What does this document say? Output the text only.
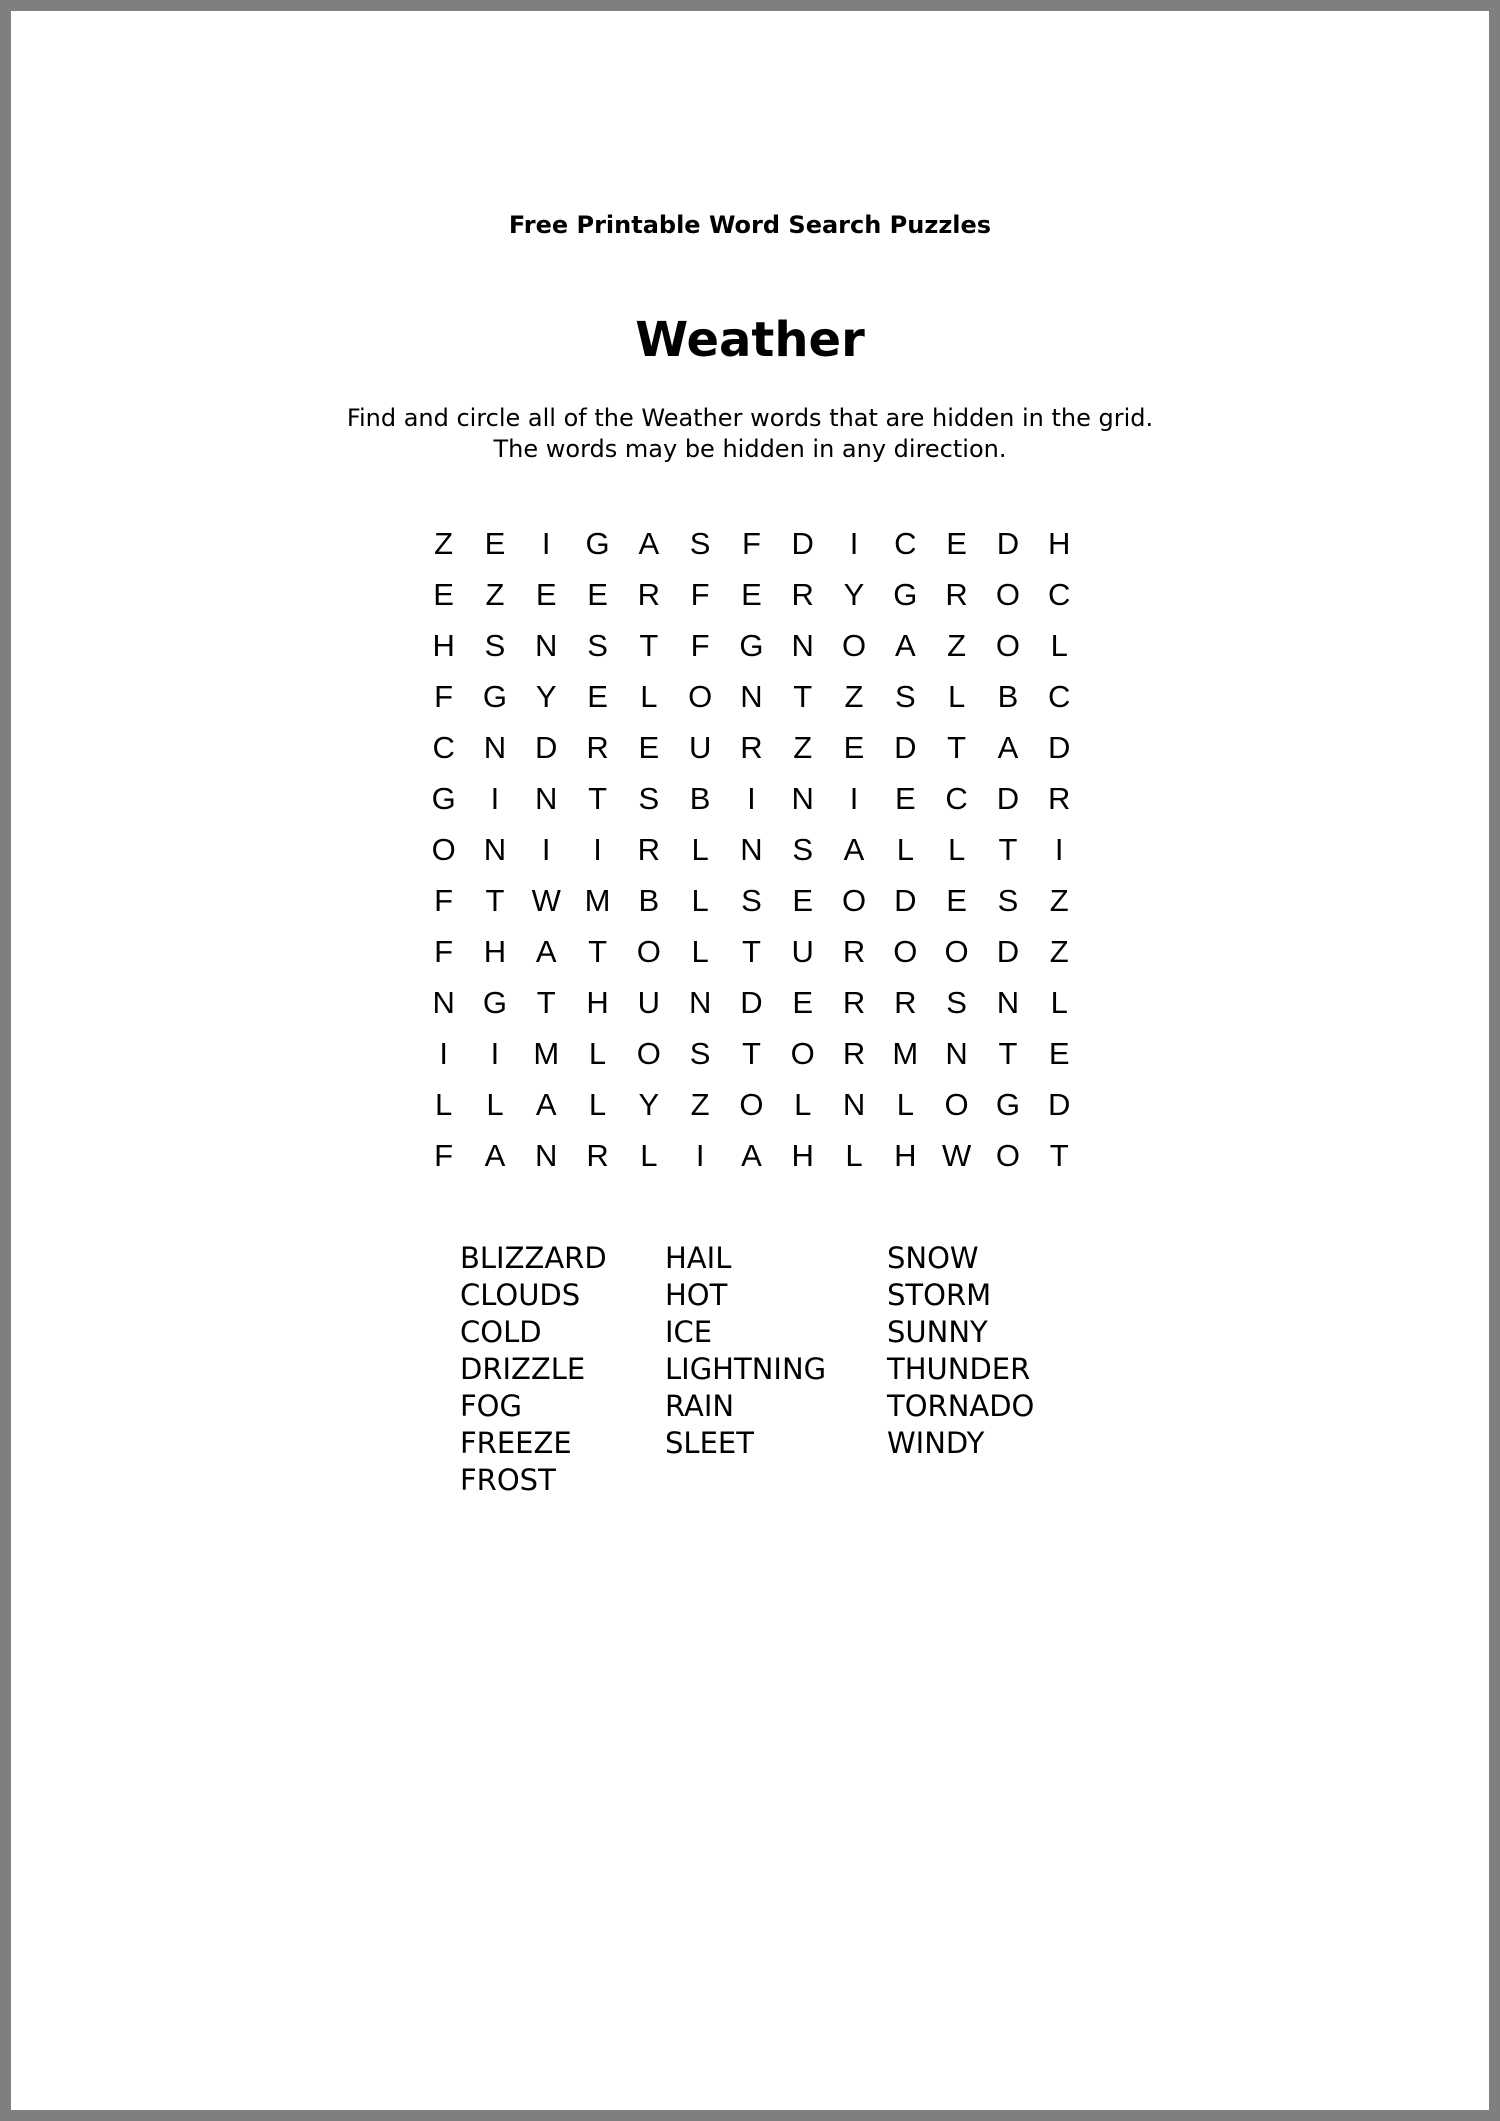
Free Printable Word Search Puzzles
Weather
Find and circle all of the Weather words that are hidden in the grid.
The words may be hidden in any direction.
Z	E	I	G A S	F D	I	C E D H
E	Z	E E R F	E R Y G R O C
H S N S	T	F G N O A	Z O L
F G Y E	L O N T	Z	S	L	B C
C N D R E U R Z	E D T	A D
G	I	N T	S B	I	N	I	E C D R
O N	I	I	R	L	N S A	L	L	T	I
F	T W M B	L	S E O D E S	Z
F H A	T O L	T U R O O D Z
N G T H U N D E R R S N	L
I	I	M L O S	T O R M N T	E
L	L	A	L	Y	Z O L	N	L O G D
F	A N R	L	I	A H	L	H W O T
BLIZZARD
CLOUDS
COLD
DRIZZLE
FOG
FREEZE
FROST
HAIL
HOT
ICE
LIGHTNING
RAIN
SLEET
SNOW
STORM
SUNNY
THUNDER
TORNADO
WINDY
